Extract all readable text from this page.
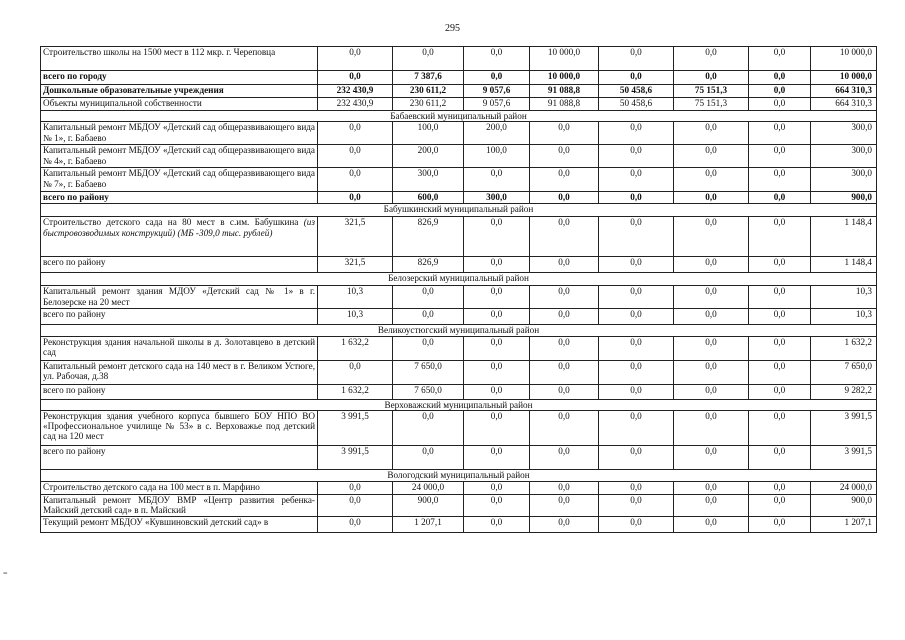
295
Строительство школы на 1500 мест в 112 мкр. г. Череповца	0,0	0,0	0,0	10 000,0	0,0	0,0	0,0	10 000,0
всего по городу	0,0	7 387,6	0,0	10 000,0	0,0	0,0	0,0	10 000,0
Дошкольные образовательные учреждения	232 430,9	230 611,2	9 057,6	91 088,8	50 458,6	75 151,3	0,0	664 310,3
Объекты муниципальной собственности	232 430,9	230 611,2	9 057,6	91 088,8	50 458,6	75 151,3	0,0	664 310,3
Бабаевский муниципальный район								
Капитальный ремонт МБДОУ «Детский сад общеразвивающего вида № 1», г. Бабаево	0,0	100,0	200,0	0,0	0,0	0,0	0,0	300,0
Капитальный ремонт МБДОУ «Детский сад общеразвивающего вида № 4», г. Бабаево	0,0	200,0	100,0	0,0	0,0	0,0	0,0	300,0
Капитальный ремонт МБДОУ «Детский сад общеразвивающего вида № 7», г. Бабаево	0,0	300,0	0,0	0,0	0,0	0,0	0,0	300,0
всего по району	0,0	600,0	300,0	0,0	0,0	0,0	0,0	900,0
Бабушкинский муниципальный район								
Строительство детского сада на 80 мест в с.им. Бабушкина (из быстровозводимых конструкций) (МБ -309,0 тыс. рублей)	321,5	826,9	0,0	0,0	0,0	0,0	0,0	1 148,4
всего по району	321,5	826,9	0,0	0,0	0,0	0,0	0,0	1 148,4
Белозерский муниципальный район								
Капитальный ремонт здания МДОУ «Детский сад № 1» в г. Белозерске на 20 мест	10,3	0,0	0,0	0,0	0,0	0,0	0,0	10,3
всего по району	10,3	0,0	0,0	0,0	0,0	0,0	0,0	10,3
Великоустюгский муниципальный район								
Реконструкция здания начальной школы в д. Золотавцево в детский сад	1 632,2	0,0	0,0	0,0	0,0	0,0	0,0	1 632,2
Капитальный ремонт детского сада на 140 мест в г. Великом Устюге, ул. Рабочая, д.38	0,0	7 650,0	0,0	0,0	0,0	0,0	0,0	7 650,0
всего по району	1 632,2	7 650,0	0,0	0,0	0,0	0,0	0,0	9 282,2
Верховажский муниципальный район								
Реконструкция здания учебного корпуса бывшего БОУ НПО ВО «Профессиональное училище № 53» в с. Верховажье под детский сад на 120 мест	3 991,5	0,0	0,0	0,0	0,0	0,0	0,0	3 991,5
всего по району	3 991,5	0,0	0,0	0,0	0,0	0,0	0,0	3 991,5
Вологодский муниципальный район								
Строительство детского сада на 100 мест в п. Марфино	0,0	24 000,0	0,0	0,0	0,0	0,0	0,0	24 000,0
Капитальный ремонт МБДОУ ВМР «Центр развития ребенка-Майский детский сад» в п. Майский	0,0	900,0	0,0	0,0	0,0	0,0	0,0	900,0
Текущий ремонт МБДОУ «Кувшиновский детский сад» в	0,0	1 207,1	0,0	0,0	0,0	0,0	0,0	1 207,1
=
